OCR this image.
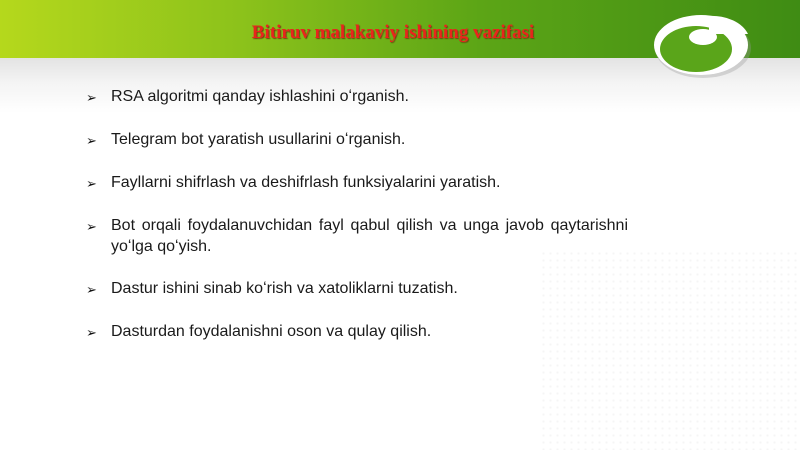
Bitiruv malakaviy ishining vazifasi
➢ RSA algoritmi qanday ishlashini oʻrganish.
➢ Telegram bot yaratish usullarini oʻrganish.
➢ Fayllarni shifrlash va deshifrlash funksiyalarini yaratish.
➢ Bot orqali foydalanuvchidan fayl qabul qilish va unga javob qaytarishni yoʻlga qoʻyish.
➢ Dastur ishini sinab koʻrish va xatoliklarni tuzatish.
➢ Dasturdan foydalanishni oson va qulay qilish.
